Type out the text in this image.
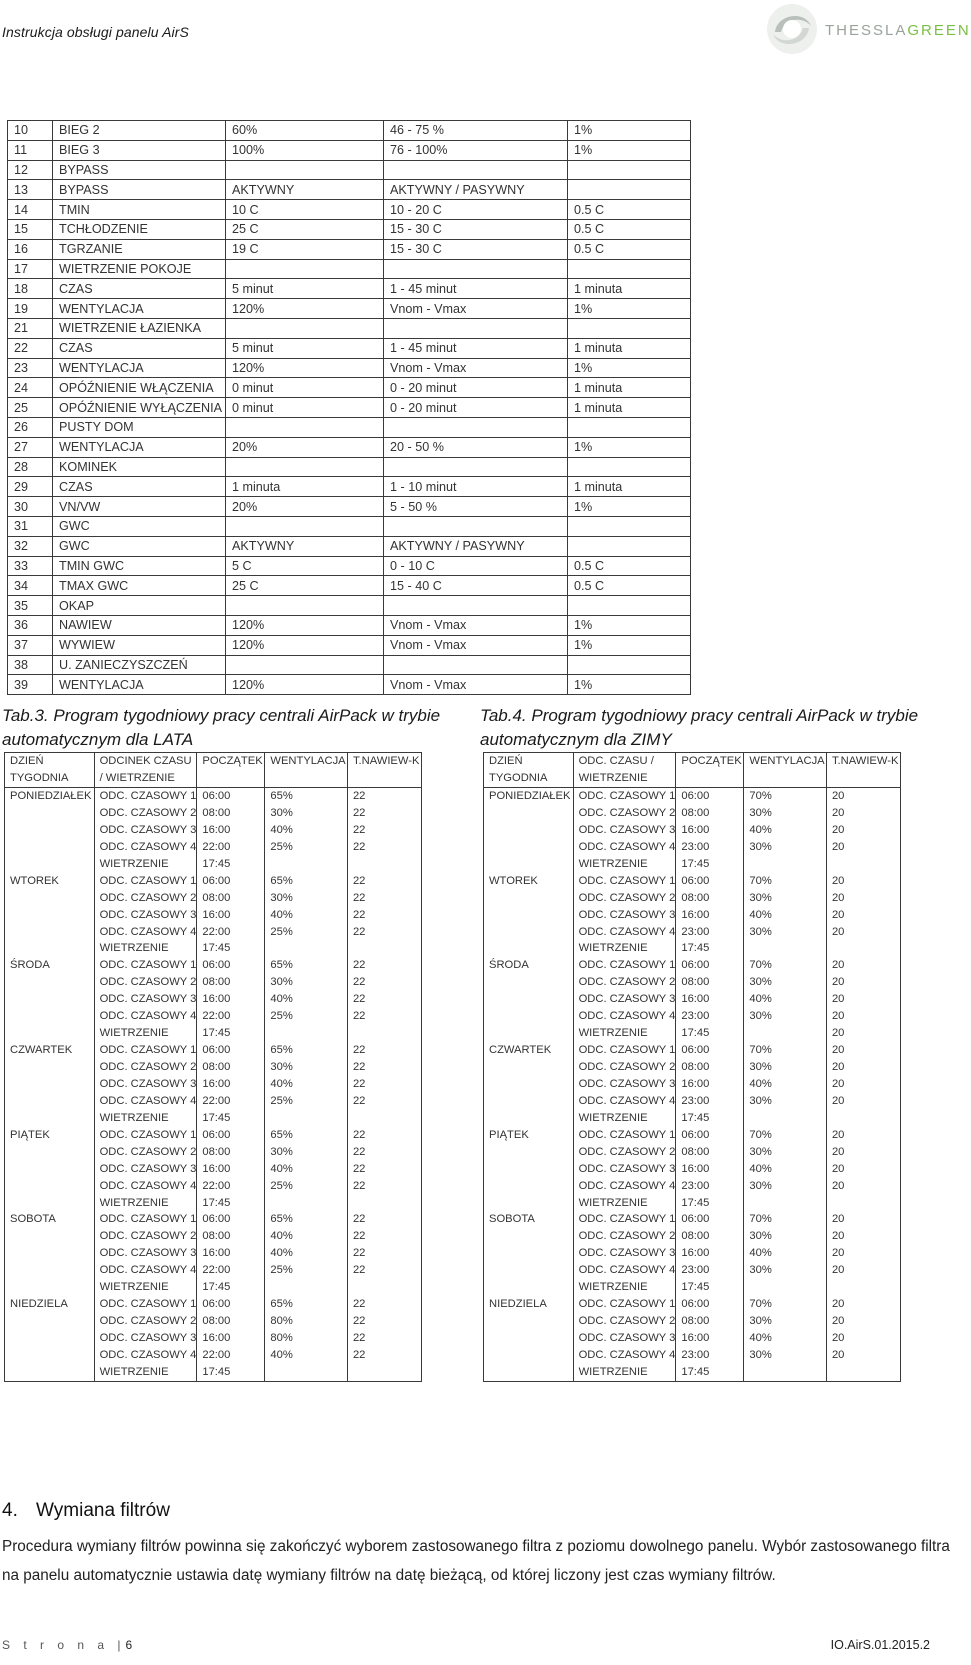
Instrukcja obsługi panelu AirS	THESSLAGREEN
10	BIEG 2	60%	46 - 75 %	1%
11	BIEG 3	100%	76 - 100%	1%
12	BYPASS			
13	BYPASS	AKTYWNY	AKTYWNY / PASYWNY	
14	TMIN	10 C	10 - 20 C	0.5 C
15	TCHŁODZENIE	25 C	15 - 30 C	0.5 C
16	TGRZANIE	19 C	15 - 30 C	0.5 C
17	WIETRZENIE POKOJE			
18	CZAS	5 minut	1 - 45 minut	1 minuta
19	WENTYLACJA	120%	Vnom - Vmax	1%
21	WIETRZENIE ŁAZIENKA			
22	CZAS	5 minut	1 - 45 minut	1 minuta
23	WENTYLACJA	120%	Vnom - Vmax	1%
24	OPÓŹNIENIE WŁĄCZENIA	0 minut	0 - 20 minut	1 minuta
25	OPÓŹNIENIE WYŁĄCZENIA	0 minut	0 - 20 minut	1 minuta
26	PUSTY DOM			
27	WENTYLACJA	20%	20 - 50 %	1%
28	KOMINEK			
29	CZAS	1 minuta	1 - 10 minut	1 minuta
30	VN/VW	20%	5 - 50 %	1%
31	GWC			
32	GWC	AKTYWNY	AKTYWNY / PASYWNY	
33	TMIN GWC	5 C	0 - 10 C	0.5 C
34	TMAX GWC	25 C	15 - 40 C	0.5 C
35	OKAP			
36	NAWIEW	120%	Vnom - Vmax	1%
37	WYWIEW	120%	Vnom - Vmax	1%
38	U. ZANIECZYSZCZEŃ			
39	WENTYLACJA	120%	Vnom - Vmax	1%
Tab.3. Program tygodniowy pracy centrali AirPack w trybie
automatycznym dla LATA
Tab.4. Program tygodniowy pracy centrali AirPack w trybie
automatycznym dla ZIMY
DZIEŃ TYGODNIA	ODCINEK CZASU / WIETRZENIE	POCZĄTEK	WENTYLACJA	T.NAWIEW-K
PONIEDZIAŁEK	ODC. CZASOWY 1	06:00	65%	22
	ODC. CZASOWY 2	08:00	30%	22
	ODC. CZASOWY 3	16:00	40%	22
	ODC. CZASOWY 4	22:00	25%	22
	WIETRZENIE	17:45		
WTOREK	ODC. CZASOWY 1	06:00	65%	22
	ODC. CZASOWY 2	08:00	30%	22
	ODC. CZASOWY 3	16:00	40%	22
	ODC. CZASOWY 4	22:00	25%	22
	WIETRZENIE	17:45		
ŚRODA	ODC. CZASOWY 1	06:00	65%	22
	ODC. CZASOWY 2	08:00	30%	22
	ODC. CZASOWY 3	16:00	40%	22
	ODC. CZASOWY 4	22:00	25%	22
	WIETRZENIE	17:45		
CZWARTEK	ODC. CZASOWY 1	06:00	65%	22
	ODC. CZASOWY 2	08:00	30%	22
	ODC. CZASOWY 3	16:00	40%	22
	ODC. CZASOWY 4	22:00	25%	22
	WIETRZENIE	17:45		
PIĄTEK	ODC. CZASOWY 1	06:00	65%	22
	ODC. CZASOWY 2	08:00	30%	22
	ODC. CZASOWY 3	16:00	40%	22
	ODC. CZASOWY 4	22:00	25%	22
	WIETRZENIE	17:45		
SOBOTA	ODC. CZASOWY 1	06:00	65%	22
	ODC. CZASOWY 2	08:00	40%	22
	ODC. CZASOWY 3	16:00	40%	22
	ODC. CZASOWY 4	22:00	25%	22
	WIETRZENIE	17:45		
NIEDZIELA	ODC. CZASOWY 1	06:00	65%	22
	ODC. CZASOWY 2	08:00	80%	22
	ODC. CZASOWY 3	16:00	80%	22
	ODC. CZASOWY 4	22:00	40%	22
	WIETRZENIE	17:45		
DZIEŃ TYGODNIA	ODC. CZASU / WIETRZENIE	POCZĄTEK	WENTYLACJA	T.NAWIEW-K
PONIEDZIAŁEK	ODC. CZASOWY 1	06:00	70%	20
	ODC. CZASOWY 2	08:00	30%	20
	ODC. CZASOWY 3	16:00	40%	20
	ODC. CZASOWY 4	23:00	30%	20
	WIETRZENIE	17:45		
WTOREK	ODC. CZASOWY 1	06:00	70%	20
	ODC. CZASOWY 2	08:00	30%	20
	ODC. CZASOWY 3	16:00	40%	20
	ODC. CZASOWY 4	23:00	30%	20
	WIETRZENIE	17:45		
ŚRODA	ODC. CZASOWY 1	06:00	70%	20
	ODC. CZASOWY 2	08:00	30%	20
	ODC. CZASOWY 3	16:00	40%	20
	ODC. CZASOWY 4	23:00	30%	20
	WIETRZENIE	17:45		20
CZWARTEK	ODC. CZASOWY 1	06:00	70%	20
	ODC. CZASOWY 2	08:00	30%	20
	ODC. CZASOWY 3	16:00	40%	20
	ODC. CZASOWY 4	23:00	30%	20
	WIETRZENIE	17:45		
PIĄTEK	ODC. CZASOWY 1	06:00	70%	20
	ODC. CZASOWY 2	08:00	30%	20
	ODC. CZASOWY 3	16:00	40%	20
	ODC. CZASOWY 4	23:00	30%	20
	WIETRZENIE	17:45		
SOBOTA	ODC. CZASOWY 1	06:00	70%	20
	ODC. CZASOWY 2	08:00	30%	20
	ODC. CZASOWY 3	16:00	40%	20
	ODC. CZASOWY 4	23:00	30%	20
	WIETRZENIE	17:45		
NIEDZIELA	ODC. CZASOWY 1	06:00	70%	20
	ODC. CZASOWY 2	08:00	30%	20
	ODC. CZASOWY 3	16:00	40%	20
	ODC. CZASOWY 4	23:00	30%	20
	WIETRZENIE	17:45		
4. Wymiana filtrów
Procedura wymiany filtrów powinna się zakończyć wyborem zastosowanego filtra z poziomu dowolnego panelu. Wybór zastosowanego filtra na panelu automatycznie ustawia datę wymiany filtrów na datę bieżącą, od której liczony jest czas wymiany filtrów.
S t r o n a |6	IO.AirS.01.2015.2
